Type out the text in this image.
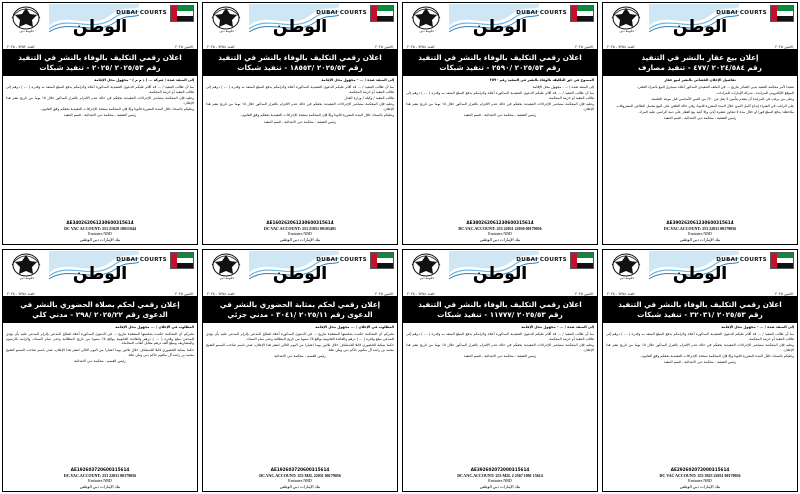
حكومة دبي	الوطن
DUBAI COURTS
الاثنين ٢٠٢٥
العدد ٧٣٥٢ - ٢٠٢٥
اعلان رقمي التكليف بالوفاء بالنشر في التنفيذ
رقم ٢٠٢٥/٥٣ /٢٠٢٥ - تنفيذ شبكات

إلى المنفذ ضده / شركة ... ( ذ م م ) - مجهول محل الإقامة

بما أن طالب التنفيذ / ... قد أقام عليكم الدعوى التنفيذية المذكورة أعلاه والزامكم بدفع المبلغ المنفذ به وقدره ( ... ) درهم إلى طالب التنفيذ أو خزينة المحكمة.

وعليه فإن المحكمة ستباشر الإجراءات التنفيذية بحقكم في حالة عدم الالتزام بالقرار المذكور خلال ١٥ يوما من تاريخ نشر هذا الإعلان.

وعليكم بالسداد خلال المدة المقررة قانونا وإلا فإن المحكمة ستتخذ الإجراءات التنفيذية بحقكم وفق القانون.

رئيس الشعبة - محكمة دبي الابتدائية - قسم التنفيذ

AE340262061230600315614
DC VAC ACCOUNT: 253 21029 10011044
Emirates NBD
بنك الإمارات دبي الوطني
حكومة دبي	الوطن
DUBAI COURTS
الاثنين ٢٠٢٥
العدد ٧٣٥٨ - ٢٠٢٥
اعلان رقمي التكليف بالوفاء بالنشر في التنفيذ
رقم ٢٠٢٥/٥٣ /١٨٥٥٣ - تنفيذ شبكات

إلى المنفذ ضده / ... - مجهول محل الإقامة

بما أن طالب التنفيذ / ... قد أقام عليكم الدعوى التنفيذية المذكورة أعلاه والزامكم بدفع المبلغ المنفذ به وقدره ( ... ) درهم إلى طالب التنفيذ أو خزينة المحكمة.

طالب التنفيذ / وكيله / وزارة العدل

وعليه فإن المحكمة ستباشر الإجراءات التنفيذية بحقكم في حالة عدم الالتزام بالقرار المذكور خلال ١٥ يوما من تاريخ نشر هذا الإعلان.

وعليكم بالسداد خلال المدة المقررة قانونا وإلا فإن المحكمة ستتخذ الإجراءات التنفيذية بحقكم وفق القانون.

رئيس الشعبة - محكمة دبي الابتدائية - قسم التنفيذ

AE160262061230600315614
DC VAC ACCOUNT: 253 21051 00105491
Emirates NBD
بنك الإمارات دبي الوطني
حكومة دبي	الوطن
DUBAI COURTS
الاثنين ٢٠٢٥
العدد ٧٣٥٨ - ٢٠٢٥
اعلان رقمي التكليف بالوفاء بالنشر في التنفيذ
رقم ٢٠٢٥/٥٣ /٢٥٩٠ - تنفيذ شبكات

الممنوح في حق التكليف بالوفاء بالنشر في التنفيذ رقم ٢٥٩٠

إلى المنفذ ضده / ... - مجهول محل الإقامة

بما أن طالب التنفيذ / ... قد أقام عليكم الدعوى التنفيذية المذكورة أعلاه والزامكم بدفع المبلغ المنفذ به وقدره ( ... ) درهم إلى طالب التنفيذ أو خزينة المحكمة.

وعليه فإن المحكمة ستباشر الإجراءات التنفيذية بحقكم في حالة عدم الالتزام بالقرار المذكور خلال ١٥ يوما من تاريخ نشر هذا الإعلان.

رئيس الشعبة - محكمة دبي الابتدائية - قسم التنفيذ

AE380262061230600315614
DC.VAC.ACCOUNT: 253 22031 22030 00179056
Emirates NBD
بنك الإمارات دبي الوطني
حكومة دبي	الوطن
DUBAI COURTS
الاثنين ٢٠٢٥
العدد ٧٣٥٨ - ٢٠٢٥
إعلان بيع عقار بالنشر في التنفيذ
رقم ٢٠٢٤/٥٨٤ /٤٧٧ - تنفيذ مصارف

تفاصيل الإعلان القضائي بالنشر لبيع عقار

تنفيذا لأمر محكمة التنفيذ بدبي الصادر بتاريخ ... في الملف التنفيذي المذكور أعلاه سيجري البيع بالمزاد العلني.

الموقع الإلكتروني للمزايدة - شركة الإمارات للمزادات.

وعلى من يرغب في المزايدة أن يتقدم بتأمين لا يقل عن ٢٠٪ من الثمن الأساسي قبل موعد الجلسة.

على الراغب في الشراء إيداع كامل الثمن خلال المدة المقررة قانونا، وفي حالة الطعن على البيع يتحمل الطاعن المصروفات.

ملاحظة: يدفع المبلغ فورا أو خلال مدة لا تتجاوز عشرة أيام، وإلا أعيد بيع العقار على ذمة الراسي عليه المزاد.

رئيس الشعبة - محكمة دبي الابتدائية - قسم التنفيذ

AE390262061230600315614
DC.VAC.ACCOUNT: 253 22031 00179056
Emirates NBD
بنك الإمارات دبي الوطني
حكومة دبي	الوطن
DUBAI COURTS
الاثنين ٢٠٢٥
العدد ٧٣٥٨ - ٢٠٢٥
إعلان رقمي لحكم بصلاة الحضوري بالنشر في
الدعوى رقم ٢٠٢٥/٢٢ /٢٩٨ - مدني كلي

المطلوب في الإعلان / ... مجهول محل الإقامة

نخبركم أن المحكمة حكمت بجلستها المنعقدة بتاريخ ... في الدعوى المذكورة أعلاه لصالح المدعي بإلزام المدعى عليه بأن يؤدي للمدعي مبلغ وقدره ( ... ) درهم والفائدة القانونية بواقع ٥٪ سنويا من تاريخ المطالبة وحتى تمام السداد، والزامه بالرسوم والمصاريف ومبلغ ألف درهم مقابل أتعاب المحاماة.

حكما بمثابة الحضوري قابلا للاستئناف خلال ثلاثين يوما اعتبارا من اليوم التالي لنشر هذا الإعلان، صدر باسم صاحب السمو الشيخ محمد بن راشد آل مكتوم حاكم دبي وتلي علنا.

رئيس القسم - محكمة دبي الابتدائية

AE192603720600315614
DC.VAC.ACCOUNT: 253 22031 00179056
Emirates NBD
بنك الإمارات دبي الوطني
حكومة دبي	الوطن
DUBAI COURTS
الاثنين ٢٠٢٥
العدد ٧٣٥٨ - ٢٠٢٥
إعلان رقمي لحكم بمثابة الحضوري بالنشر في
الدعوى رقم ٢٠٢٥/١١ /٣٠٤١ - مدني جزئي

المطلوب في الإعلان / ... مجهول محل الإقامة

نخبركم أن المحكمة حكمت بجلستها المنعقدة بتاريخ ... في الدعوى المذكورة أعلاه لصالح المدعي بإلزام المدعى عليه بأن يؤدي للمدعي مبلغ وقدره ( ... ) درهم والفائدة القانونية بواقع ٥٪ سنويا من تاريخ المطالبة وحتى تمام السداد.

حكما بمثابة الحضوري قابلا للاستئناف خلال ثلاثين يوما اعتبارا من اليوم التالي لنشر هذا الإعلان، صدر باسم صاحب السمو الشيخ محمد بن راشد آل مكتوم حاكم دبي وتلي علنا.

رئيس القسم - محكمة دبي الابتدائية

AE192603720600315614
DC.VAC.ACCOUNT: 253 M2L 22031 00179056
Emirates NBD
بنك الإمارات دبي الوطني
حكومة دبي	الوطن
DUBAI COURTS
الاثنين ٢٠٢٥
العدد ٧٣٥٨ - ٢٠٢٥
اعلان رقمي التكليف بالوفاء بالنشر في التنفيذ
رقم ٢٠٢٥/٥٣ /١١٧٧٧ - تنفيذ شبكات

إلى المنفذ ضده / ... - مجهول محل الإقامة

بما أن طالب التنفيذ / ... قد أقام عليكم الدعوى التنفيذية المذكورة أعلاه والزامكم بدفع المبلغ المنفذ به وقدره ( ... ) درهم إلى طالب التنفيذ أو خزينة المحكمة.

وعليه فإن المحكمة ستباشر الإجراءات التنفيذية بحقكم في حالة عدم الالتزام بالقرار المذكور خلال ١٥ يوما من تاريخ نشر هذا الإعلان.

رئيس الشعبة - محكمة دبي الابتدائية - قسم التنفيذ

AE392602072000315614
DC.VAC.ACCOUNT: 253 M2L 2 2567 1001 15614
Emirates NBD
بنك الإمارات دبي الوطني
حكومة دبي	الوطن
DUBAI COURTS
الاثنين ٢٠٢٥
العدد ٧٣٥٨ - ٢٠٢٥
اعلان رقمي التكليف بالوفاء بالنشر في التنفيذ
رقم ٢٠٢٥/٥٣ /٣٢٠٣١ - تنفيذ شبكات

إلى المنفذ ضده / ... - مجهول محل الإقامة

بما أن طالب التنفيذ / ... قد أقام عليكم الدعوى التنفيذية المذكورة أعلاه والزامكم بدفع المبلغ المنفذ به وقدره ( ... ) درهم إلى طالب التنفيذ أو خزينة المحكمة.

وعليه فإن المحكمة ستباشر الإجراءات التنفيذية بحقكم في حالة عدم الالتزام بالقرار المذكور خلال ١٥ يوما من تاريخ نشر هذا الإعلان.

وعليكم بالسداد خلال المدة المقررة قانونا وإلا فإن المحكمة ستتخذ الإجراءات التنفيذية بحقكم وفق القانون.

رئيس الشعبة - محكمة دبي الابتدائية - قسم التنفيذ

AE292602072000315614
DC VAC ACCOUNT: 253 3925 22031 00179056
Emirates NBD
بنك الإمارات دبي الوطني
